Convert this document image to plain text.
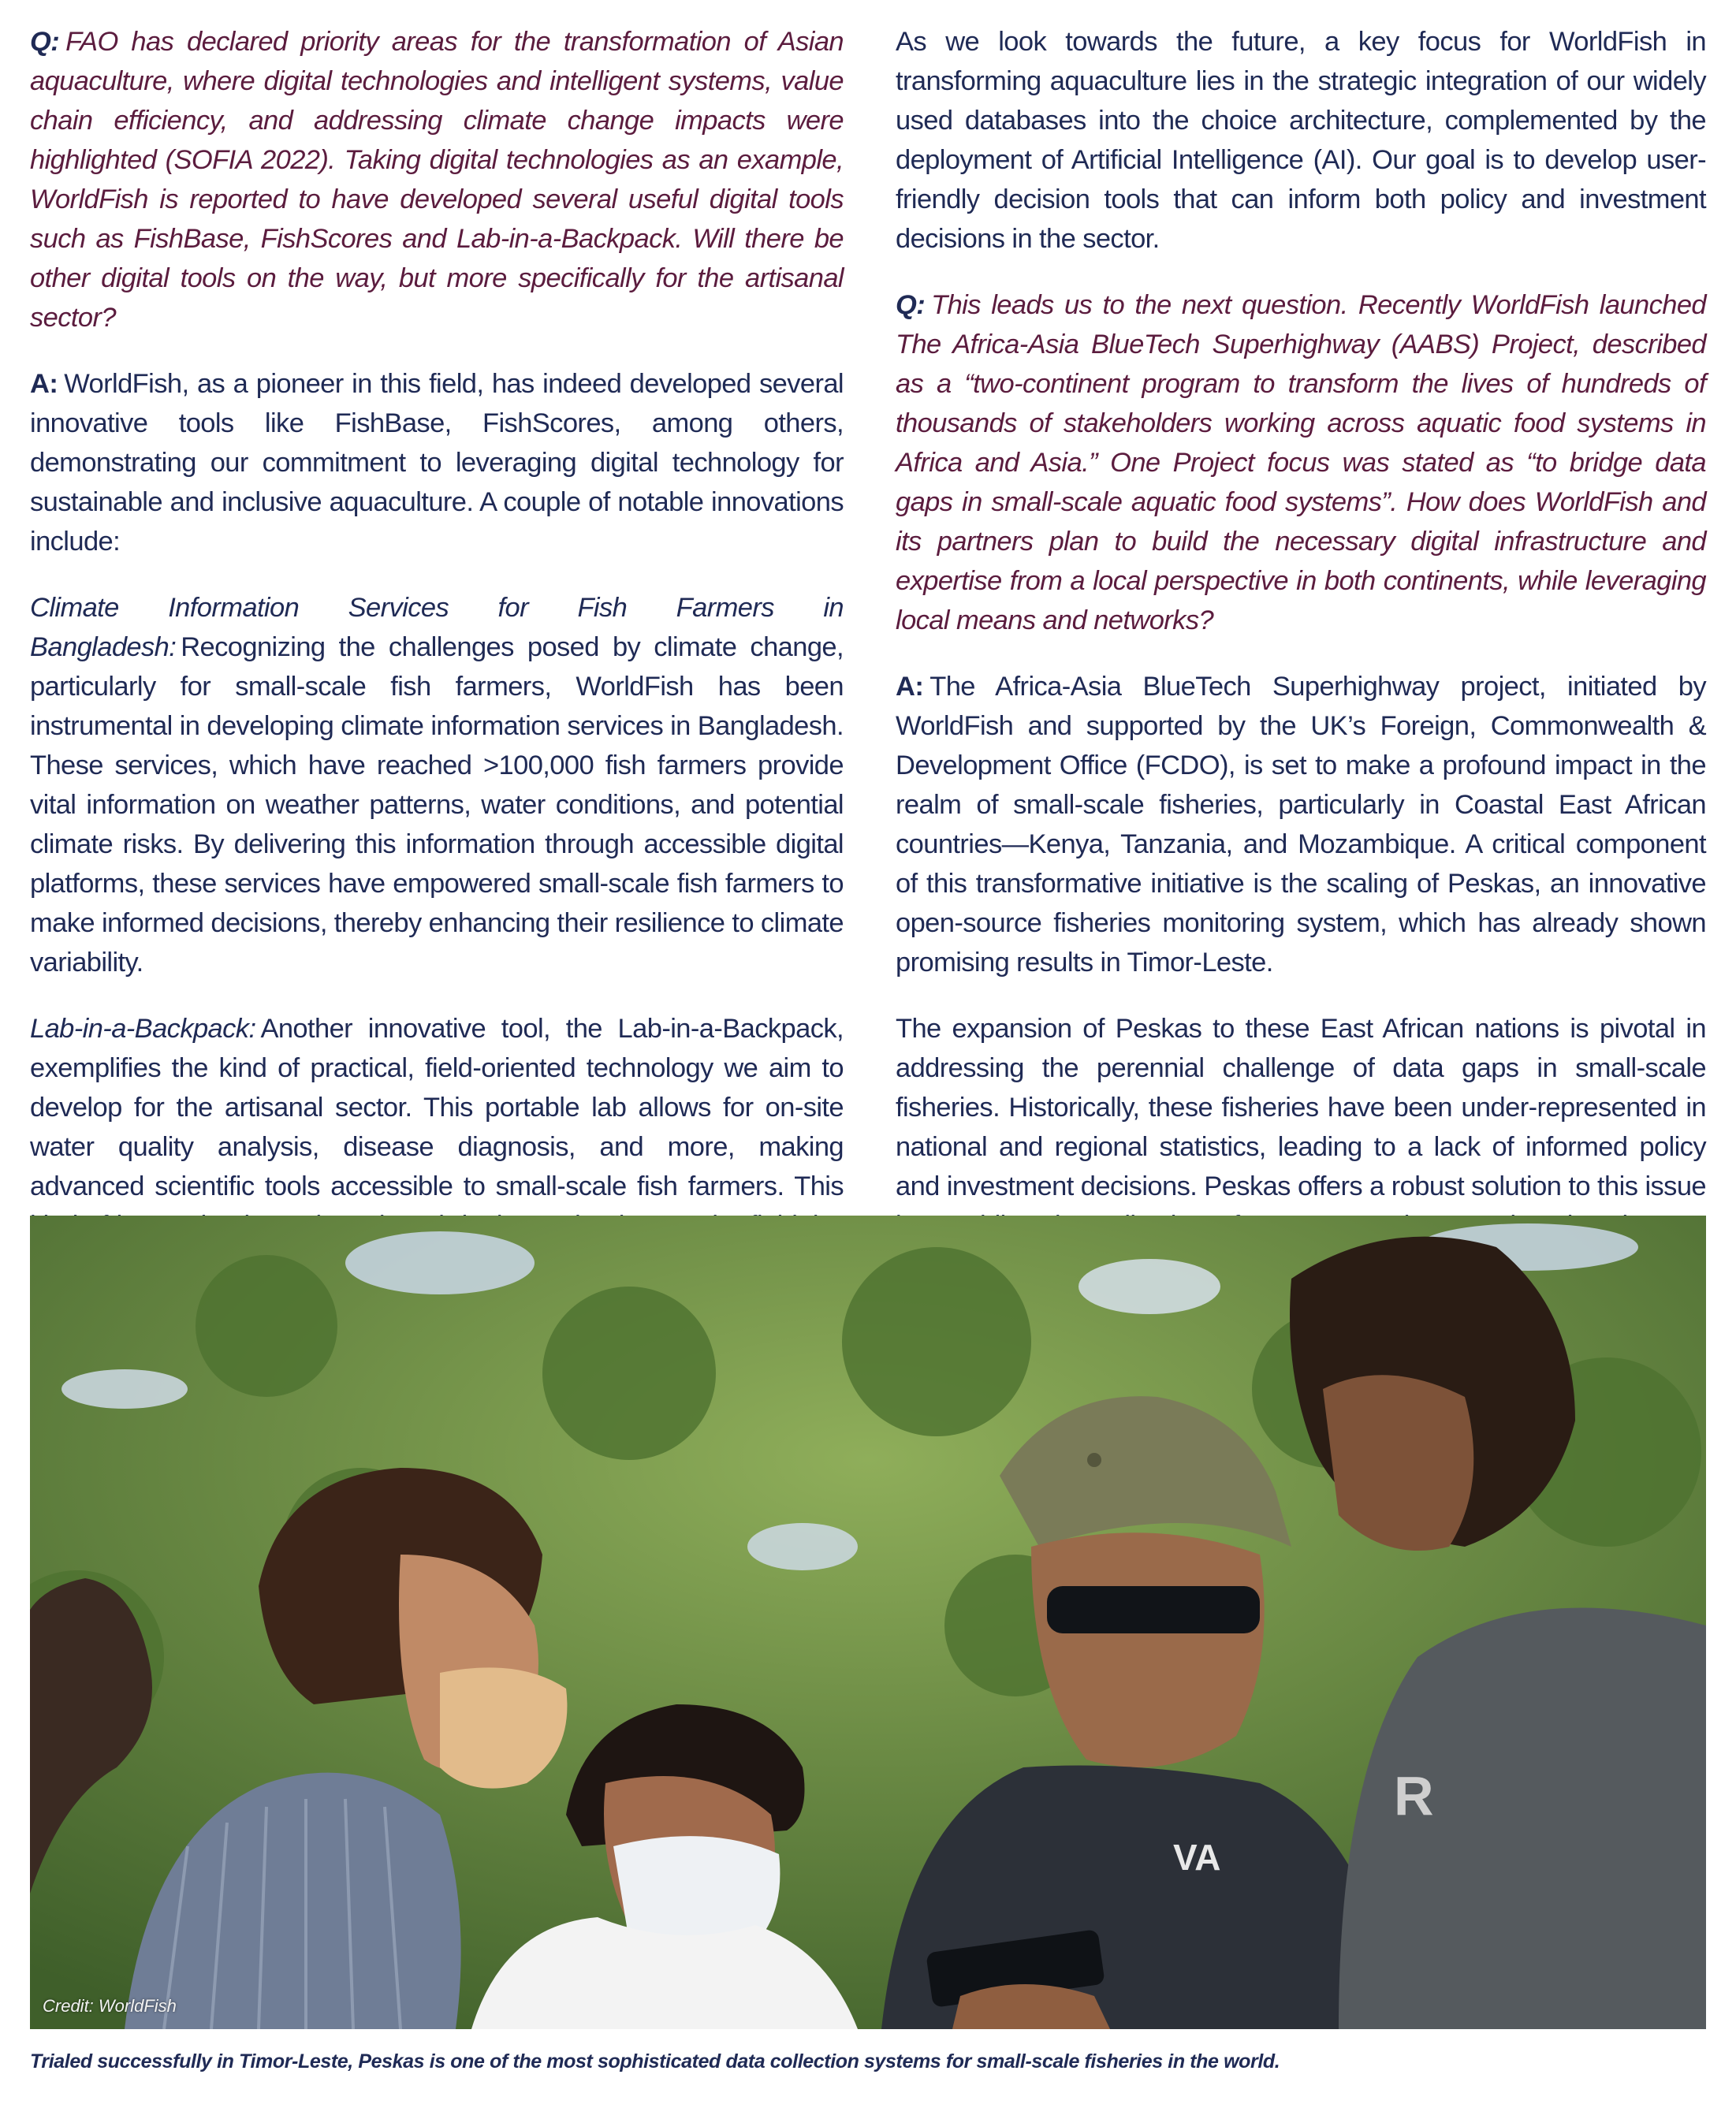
Q: FAO has declared priority areas for the transformation of Asian aquaculture, where digital technologies and intelligent systems, value chain efficiency, and addressing climate change impacts were highlighted (SOFIA 2022). Taking digital technologies as an example, WorldFish is reported to have developed several useful digital tools such as FishBase, FishScores and Lab-in-a-Backpack. Will there be other digital tools on the way, but more specifically for the artisanal sector?

A: WorldFish, as a pioneer in this field, has indeed developed several innovative tools like FishBase, FishScores, among others, demonstrating our commitment to leveraging digital technology for sustainable and inclusive aquaculture. A couple of notable innovations include:

Climate Information Services for Fish Farmers in Bangladesh: Recognizing the challenges posed by climate change, particularly for small-scale fish farmers, WorldFish has been instrumental in developing climate information services in Bangladesh. These services, which have reached >100,000 fish farmers provide vital information on weather patterns, water conditions, and potential climate risks. By delivering this information through accessible digital platforms, these services have empowered small-scale fish farmers to make informed decisions, thereby enhancing their resilience to climate variability.

Lab-in-a-Backpack: Another innovative tool, the Lab-in-a-Backpack, exemplifies the kind of practical, field-oriented technology we aim to develop for the artisanal sector. This portable lab allows for on-site water quality analysis, disease diagnosis, and more, making advanced scientific tools accessible to small-scale fish farmers. This

As we look towards the future, a key focus for WorldFish in transforming aquaculture lies in the strategic integration of our widely used databases into the choice architecture, complemented by the deployment of Artificial Intelligence (AI). Our goal is to develop user-friendly decision tools that can inform both policy and investment decisions in the sector.

Q: This leads us to the next question. Recently WorldFish launched The Africa-Asia BlueTech Superhighway (AABS) Project, described as a “two-continent program to transform the lives of hundreds of thousands of stakeholders working across aquatic food systems in Africa and Asia.” One Project focus was stated as “to bridge data gaps in small-scale aquatic food systems”. How does WorldFish and its partners plan to build the necessary digital infrastructure and expertise from a local perspective in both continents, while leveraging local means and networks?

A: The Africa-Asia BlueTech Superhighway project, initiated by WorldFish and supported by the UK’s Foreign, Commonwealth & Development Office (FCDO), is set to make a profound impact in the realm of small-scale fisheries, particularly in Coastal East African countries—Kenya, Tanzania, and Mozambique. A critical component of this transformative initiative is the scaling of Peskas, an innovative open-source fisheries monitoring system, which has already shown promising results in Timor-Leste.

The expansion of Peskas to these East African nations is pivotal in addressing the perennial challenge of data gaps in small-scale fisheries. Historically, these fisheries have been under-represented in national and regional statistics, leading to a lack of informed policy and investment decisions. Peskas offers a robust solution to this issue

VA
R
Credit: WorldFish
Trialed successfully in Timor-Leste, Peskas is one of the most sophisticated data collection systems for small-scale fisheries in the world.
